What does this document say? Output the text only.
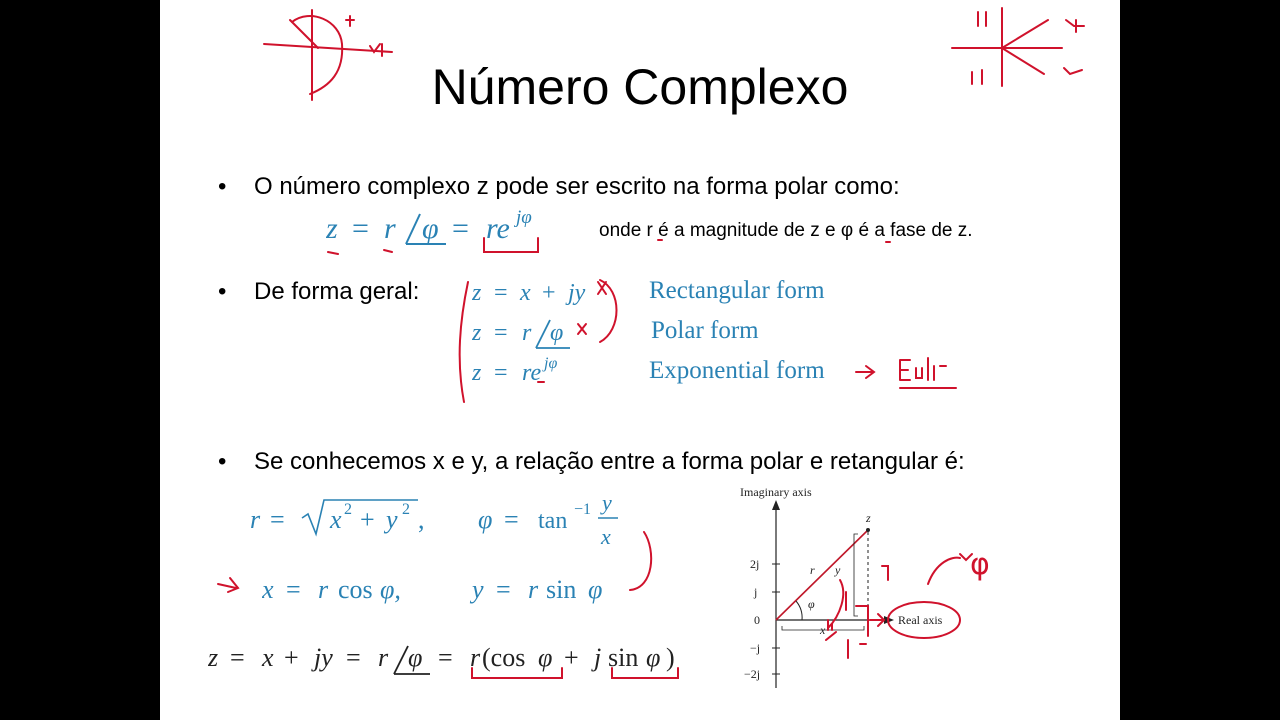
Número Complexo
• O número complexo z pode ser escrito na forma polar como:
z = r φ = re jφ
onde r é a magnitude de z e φ é a fase de z.
• De forma geral: z = x + jy
z = r φ
z = re jφ
Rectangular form
Polar form
Exponential form
• Se conhecemos x e y, a relação entre a forma polar e retangular é:
r = x 2 + y 2 , φ = tan −1 y
x
x = r cos φ,	y = r sin φ
z = x + jy = r φ = r (cos φ + j sin φ )
Imaginary axis
2j
j
0
−j
−2j
z
r
φ
y
x
Real axis
φ
